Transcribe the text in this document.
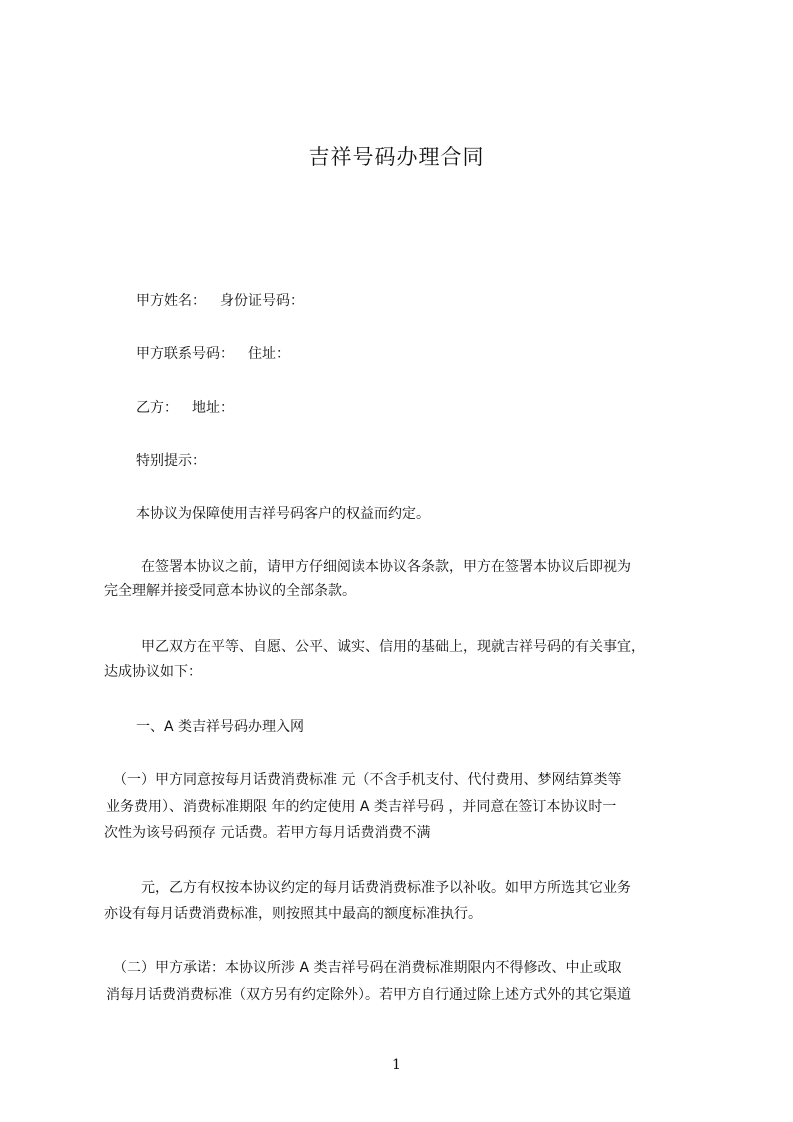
吉祥号码办理合同
甲方姓名： 身份证号码：
甲方联系号码： 住址：
乙方： 地址：
特别提示：
本协议为保障使用吉祥号码客户的权益而约定。
在签署本协议之前，请甲方仔细阅读本协议各条款，甲方在签署本协议后即视为
完全理解并接受同意本协议的全部条款。
甲乙双方在平等、自愿、公平、诚实、信用的基础上，现就吉祥号码的有关事宜，
达成协议如下：
一、A 类吉祥号码办理入网
（一）甲方同意按每月话费消费标准 元（不含手机支付、代付费用、梦网结算类等
业务费用）、消费标准期限 年的约定使用 A 类吉祥号码 ，并同意在签订本协议时一
次性为该号码预存 元话费。若甲方每月话费消费不满
元，乙方有权按本协议约定的每月话费消费标准予以补收。如甲方所选其它业务
亦设有每月话费消费标准，则按照其中最高的额度标准执行。
（二）甲方承诺：本协议所涉 A 类吉祥号码在消费标准期限内不得修改、中止或取
消每月话费消费标准（双方另有约定除外）。若甲方自行通过除上述方式外的其它渠道
1
